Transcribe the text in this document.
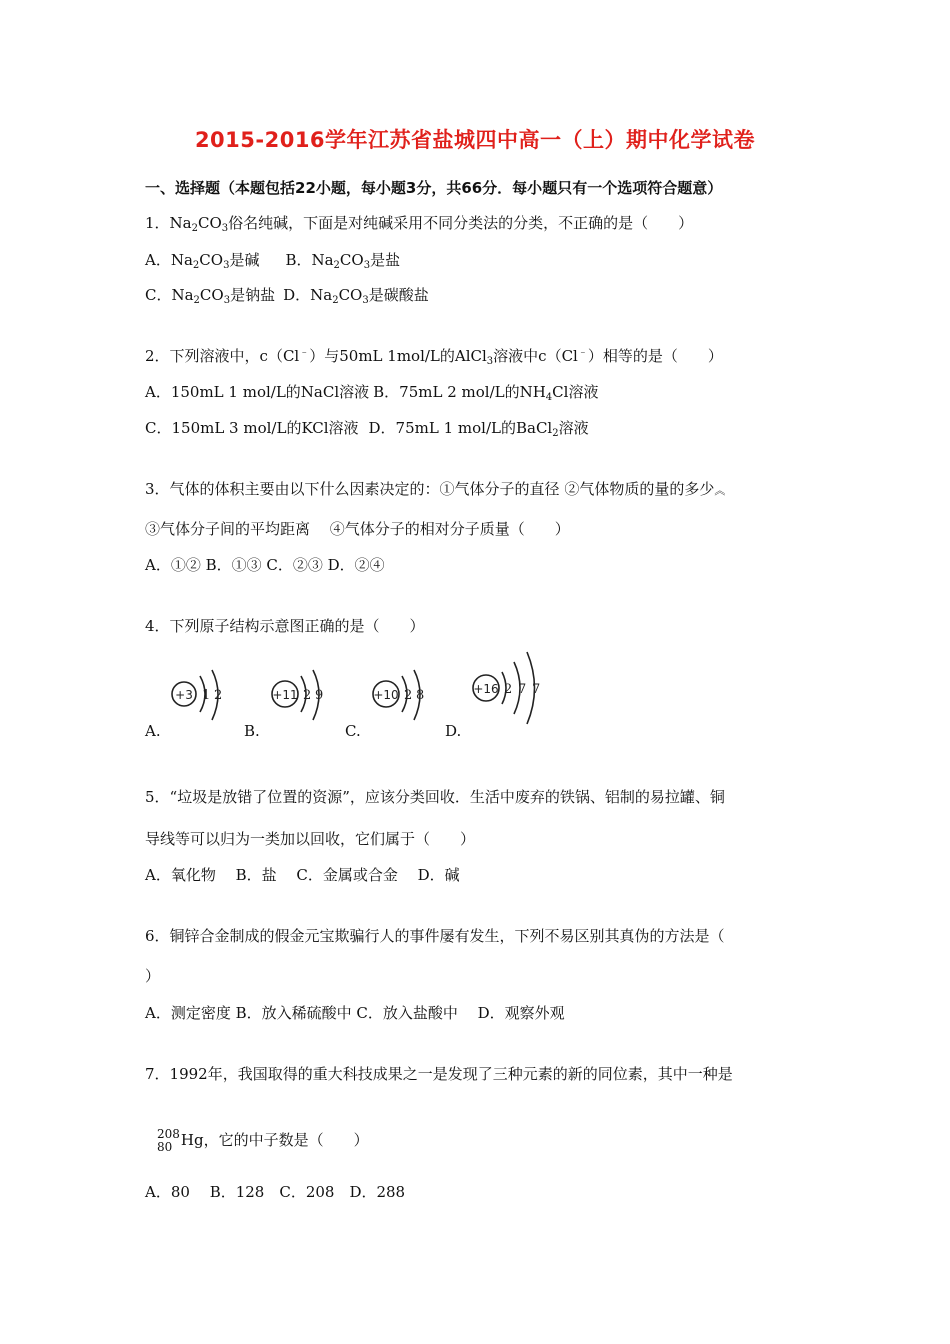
2015-2016学年江苏省盐城四中高一（上）期中化学试卷
一、选择题（本题包括22小题，每小题3分，共66分．每小题只有一个选项符合题意）
1．$Na_2CO_3$俗名纯碱，下面是对纯碱采用不同分类法的分类，不正确的是（　　）
A．$Na_2CO_3$是碱 B．$Na_2CO_3$是盐
C．$Na_2CO_3$是钠盐 D．$Na_2CO_3$是碳酸盐
2．下列溶液中，c（Cl﹣）与50mL 1mol/L的AlCl$_3$溶液中c（Cl﹣）相等的是（　　）
A．150mL 1 mol/L的NaCl溶液 B．75mL 2 mol/L的$NH_4Cl$溶液
C．150mL 3 mol/L的KCl溶液 D．75mL 1 mol/L的BaCl$_2$溶液
3．气体的体积主要由以下什么因素决定的：①气体分子的直径 ②气体物质的量的多少︽
③气体分子间的平均距离　 ④气体分子的相对分子质量（　　）
A．①② B．①③ C．②③ D．②④
4．下列原子结构示意图正确的是（　　）
+3 1 2	+11 2 9	+10 2 8	+16 2 7 7
A.	B.	C.	D.
5．“垃圾是放错了位置的资源”，应该分类回收．生活中废弃的铁锅、铝制的易拉罐、铜
导线等可以归为一类加以回收，它们属于（　　）
A．氧化物　 B．盐　 C．金属或合金　 D．碱
6．铜锌合金制成的假金元宝欺骗行人的事件屡有发生，下列不易区别其真伪的方法是（
）
A．测定密度 B．放入稀硫酸中 C．放入盐酸中　 D．观察外观
7．1992年，我国取得的重大科技成果之一是发现了三种元素的新的同位素，其中一种是
208
80 Hg，它的中子数是（　　）
A．80　 B．128　C．208　D．288
